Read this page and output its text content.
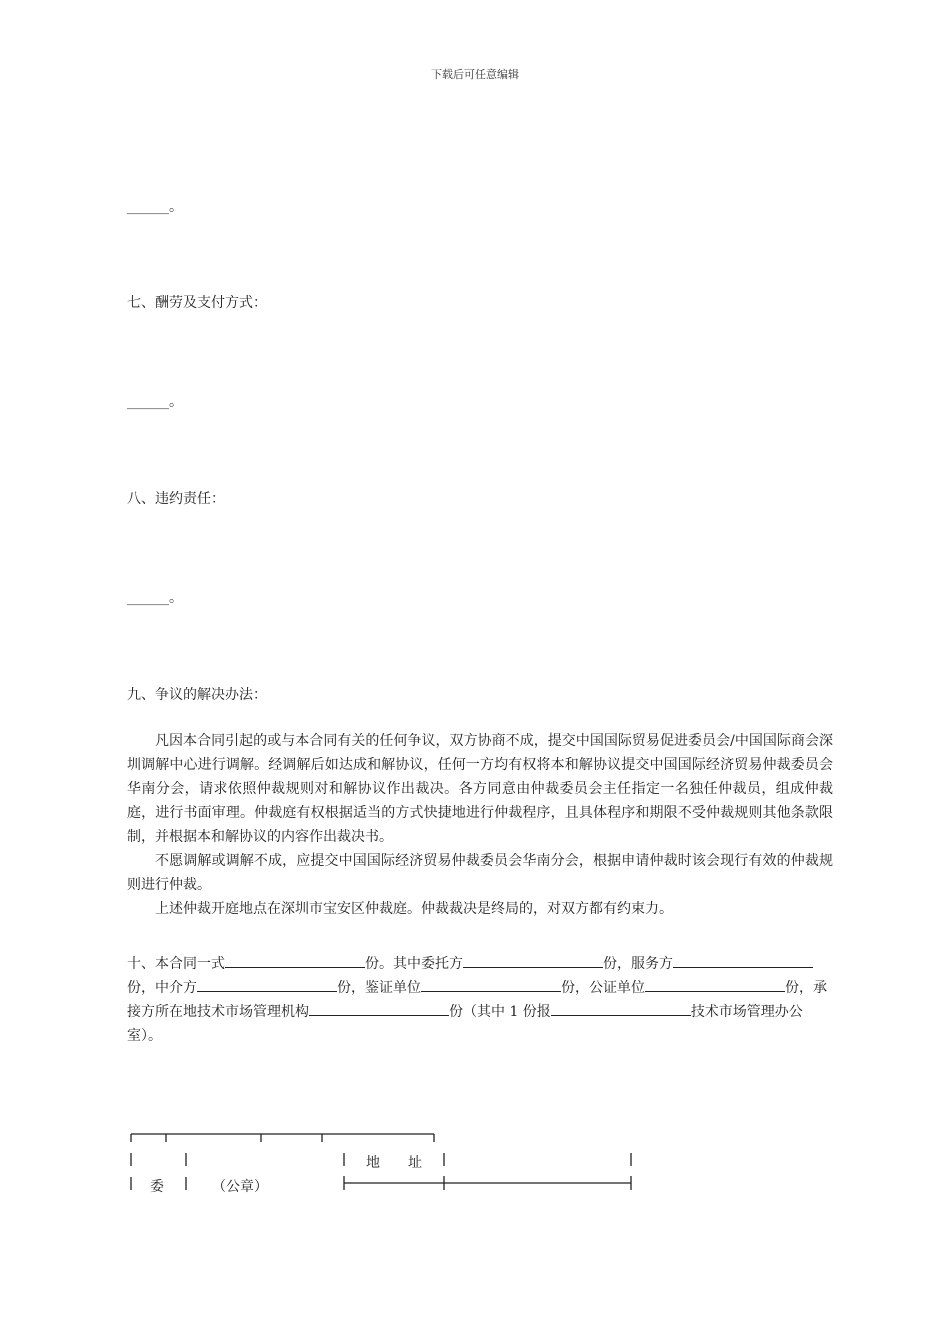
下载后可任意编辑
______。
七、酬劳及支付方式：
______。
八、违约责任：
______。
九、争议的解决办法：

凡因本合同引起的或与本合同有关的任何争议，双方协商不成，提交中国国际贸易促进委员会/中国国际商会深圳调解中心进行调解。经调解后如达成和解协议，任何一方均有权将本和解协议提交中国国际经济贸易仲裁委员会华南分会，请求依照仲裁规则对和解协议作出裁决。各方同意由仲裁委员会主任指定一名独任仲裁员，组成仲裁庭，进行书面审理。仲裁庭有权根据适当的方式快捷地进行仲裁程序，且具体程序和期限不受仲裁规则其他条款限制，并根据本和解协议的内容作出裁决书。

不愿调解或调解不成，应提交中国国际经济贸易仲裁委员会华南分会，根据申请仲裁时该会现行有效的仲裁规则进行仲裁。

上述仲裁开庭地点在深圳市宝安区仲裁庭。仲裁裁决是终局的，对双方都有约束力。

十、本合同一式	份。其中委托方	份，服务方份，中介方	份，鉴证单位	份，公证单位	份，承接方所在地技术市场管理机构	份（其中 1 份报	技术市场管理办公室）。
地　　址
委	（公章）
